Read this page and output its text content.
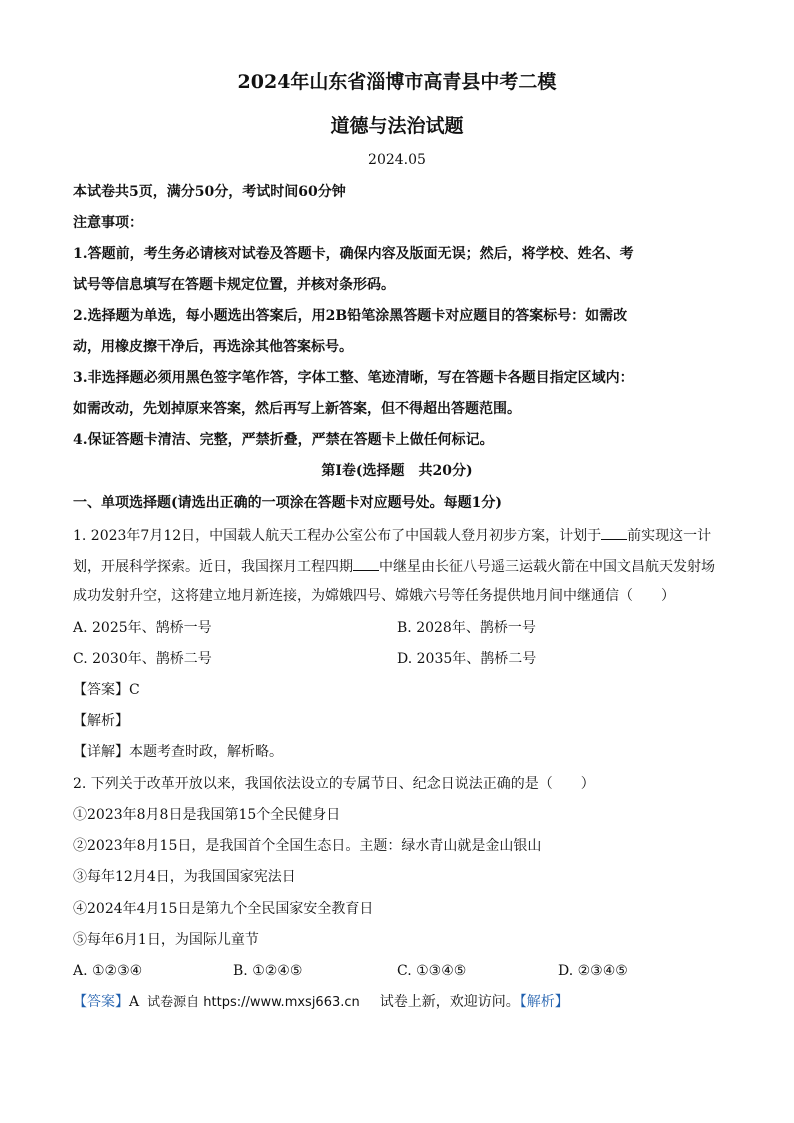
2024年山东省淄博市高青县中考二模
道德与法治试题
2024.05
本试卷共5页，满分50分，考试时间60分钟
注意事项：
1.答题前，考生务必请核对试卷及答题卡，确保内容及版面无误；然后，将学校、姓名、考
试号等信息填写在答题卡规定位置，并核对条形码。
2.选择题为单选，每小题选出答案后，用2B铅笔涂黑答题卡对应题目的答案标号：如需改
动，用橡皮擦干净后，再选涂其他答案标号。
3.非选择题必须用黑色签字笔作答，字体工整、笔迹清晰，写在答题卡各题目指定区域内：
如需改动，先划掉原来答案，然后再写上新答案，但不得超出答题范围。
4.保证答题卡清洁、完整，严禁折叠，严禁在答题卡上做任何标记。
第Ⅰ卷(选择题　共20分)
一、单项选择题(请选出正确的一项涂在答题卡对应题号处。每题1分)
1. 2023年7月12日，中国载人航天工程办公室公布了中国载人登月初步方案，计划于 前实现这一计
划，开展科学探索。近日，我国探月工程四期 中继星由长征八号遥三运载火箭在中国文昌航天发射场
成功发射升空，这将建立地月新连接，为嫦娥四号、嫦娥六号等任务提供地月间中继通信（　　）
A. 2025年、鹄桥一号	B. 2028年、鹊桥一号
C. 2030年、鹊桥二号	D. 2035年、鹊桥二号
【答案】C
【解析】
【详解】本题考查时政，解析略。
2. 下列关于改革开放以来，我国依法设立的专属节日、纪念日说法正确的是（　　）
①2023年8月8日是我国第15个全民健身日
②2023年8月15日，是我国首个全国生态日。主题：绿水青山就是金山银山
③每年12月4日，为我国国家宪法日
④2024年4月15日是第九个全民国家安全教育日
⑤每年6月1日，为国际儿童节
A. ①②③④	B. ①②④⑤	C. ①③④⑤	D. ②③④⑤
【答案】A 试卷源自 https://www.mxsj663.cn 试卷上新，欢迎访问。【解析】
